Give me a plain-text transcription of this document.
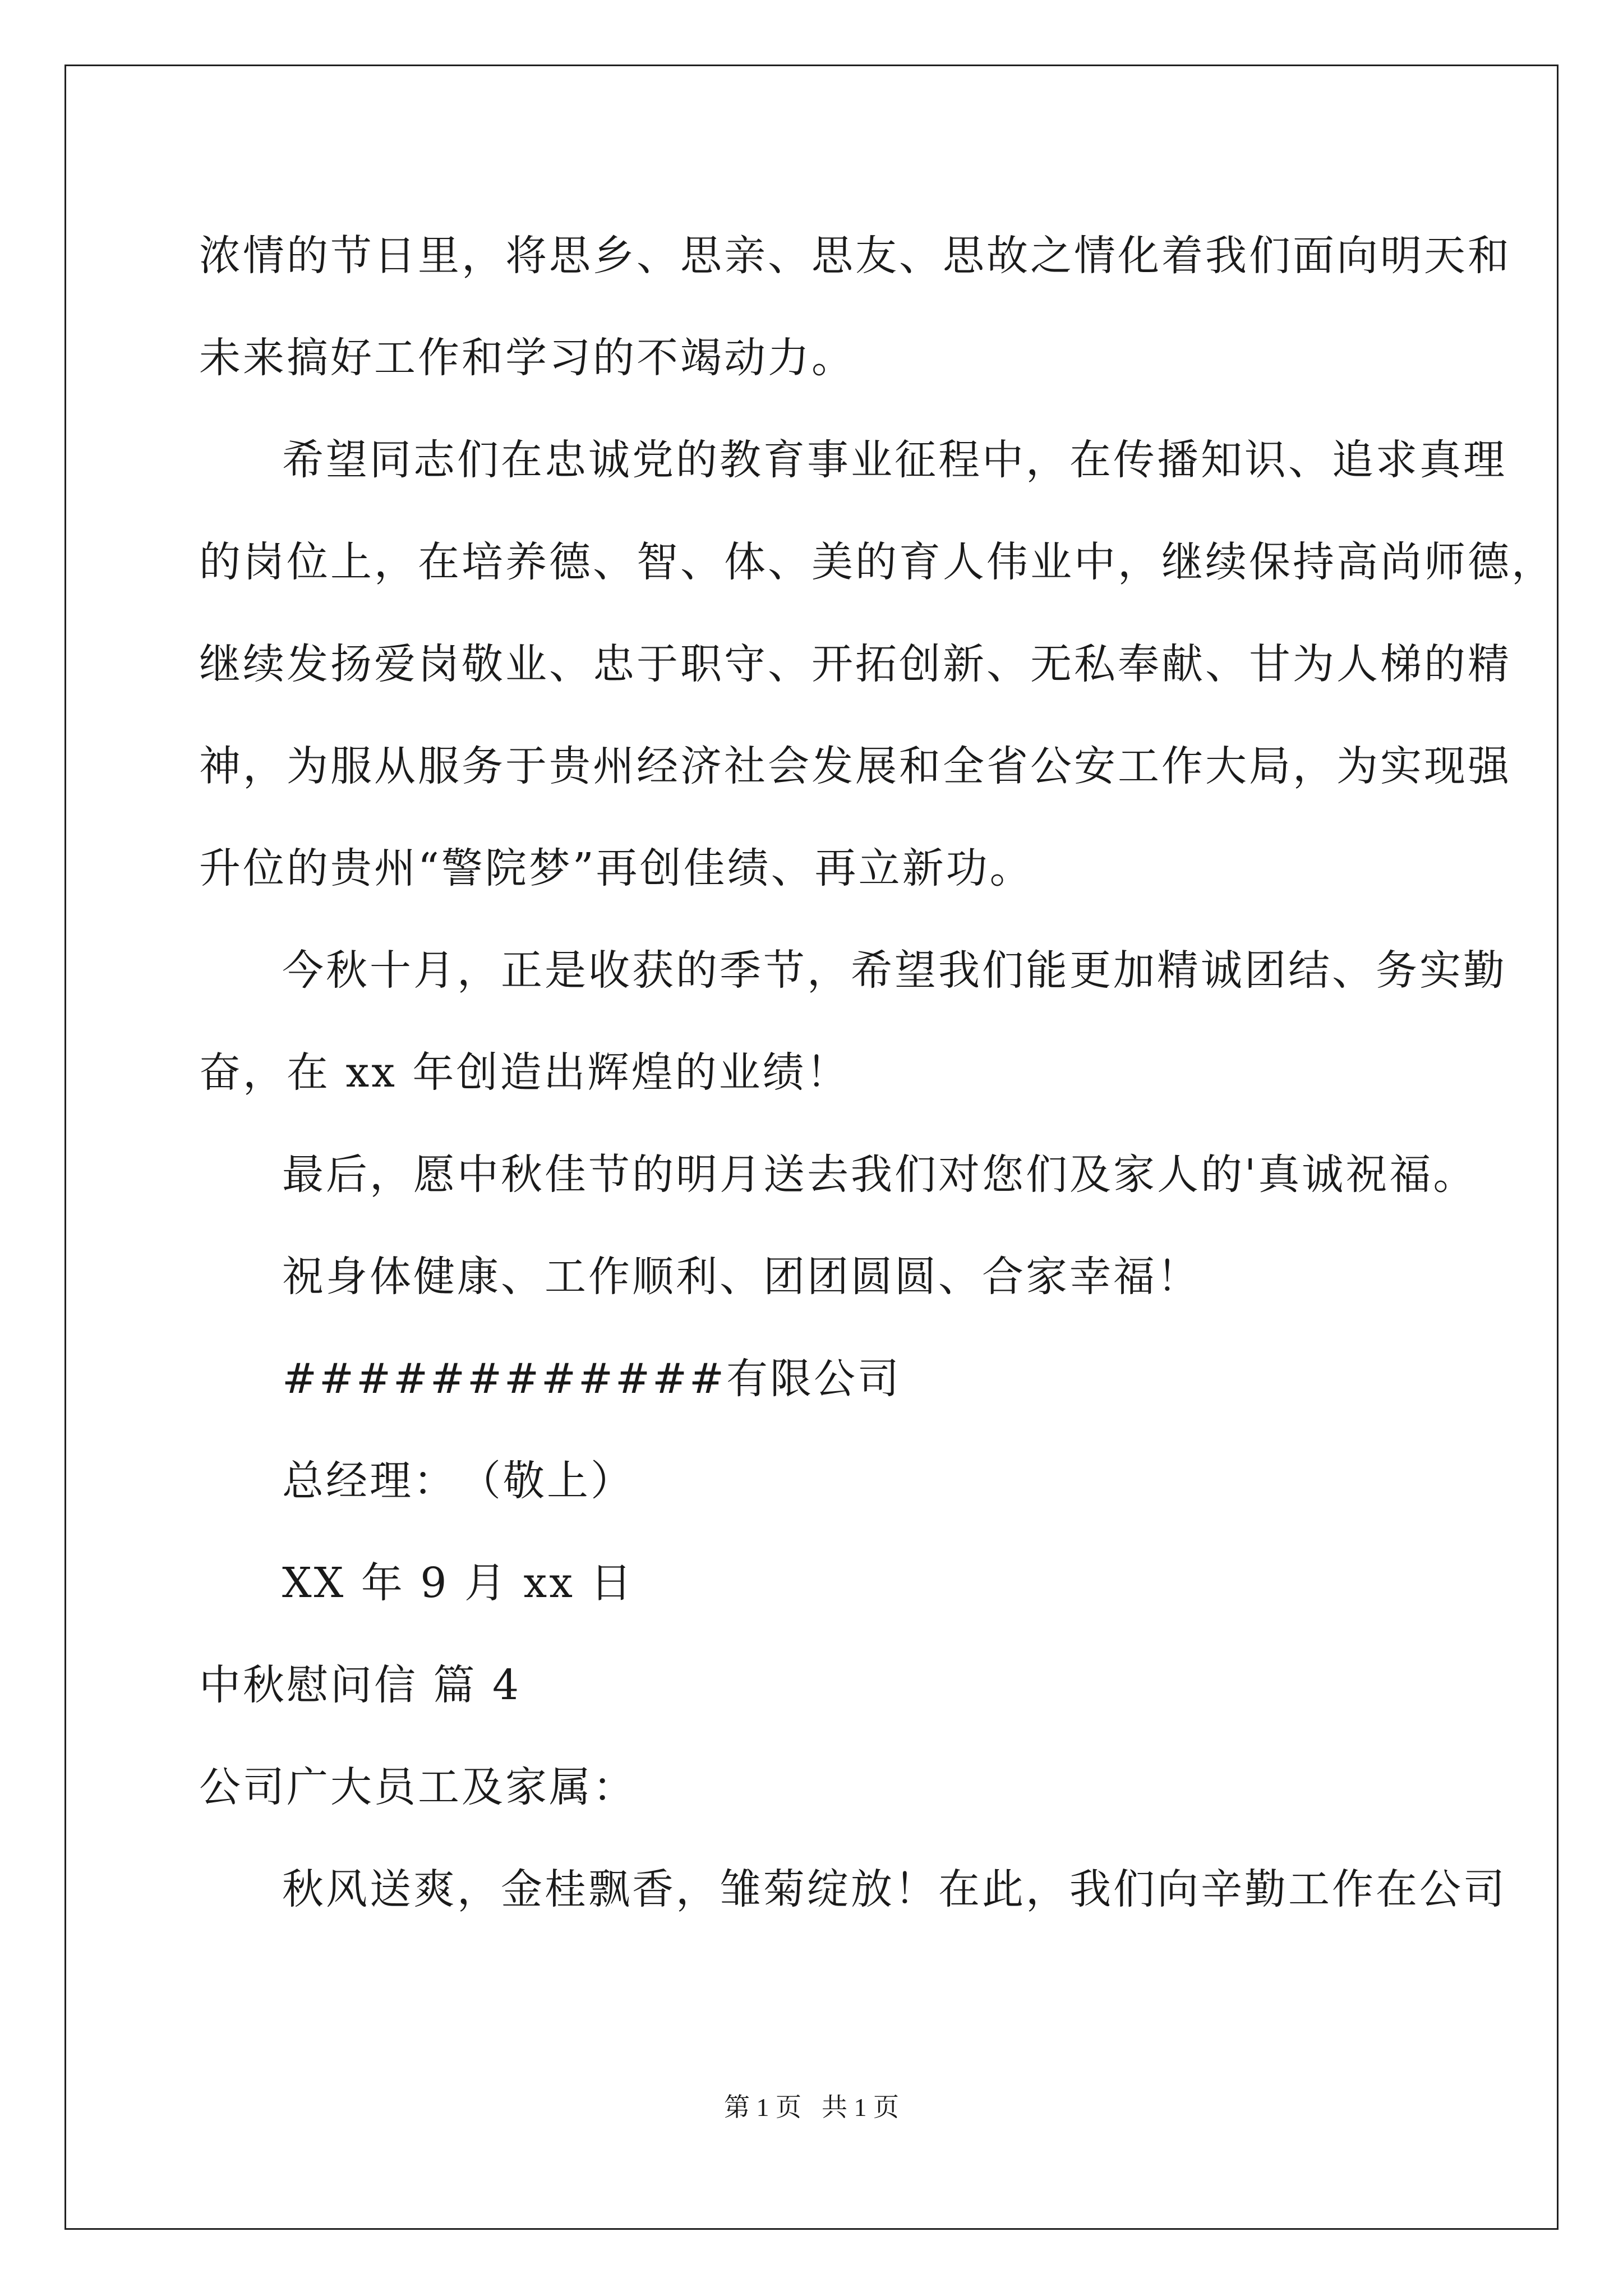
浓情的节日里，将思乡、思亲、思友、思故之情化着我们面向明天和
未来搞好工作和学习的不竭动力。
希望同志们在忠诚党的教育事业征程中，在传播知识、追求真理
的岗位上，在培养德、智、体、美的育人伟业中，继续保持高尚师德，
继续发扬爱岗敬业、忠于职守、开拓创新、无私奉献、甘为人梯的精
神，为服从服务于贵州经济社会发展和全省公安工作大局，为实现强
升位的贵州“警院梦”再创佳绩、再立新功。
今秋十月，正是收获的季节，希望我们能更加精诚团结、务实勤
奋，在 xx 年创造出辉煌的业绩！
最后，愿中秋佳节的明月送去我们对您们及家人的'真诚祝福。
祝身体健康、工作顺利、团团圆圆、合家幸福！
############有限公司
总经理：　（敬上）
XX 年 9 月 xx 日
中秋慰问信 篇 4
公司广大员工及家属：
秋风送爽，金桂飘香，雏菊绽放！在此，我们向辛勤工作在公司
第 1 页 共 1 页
